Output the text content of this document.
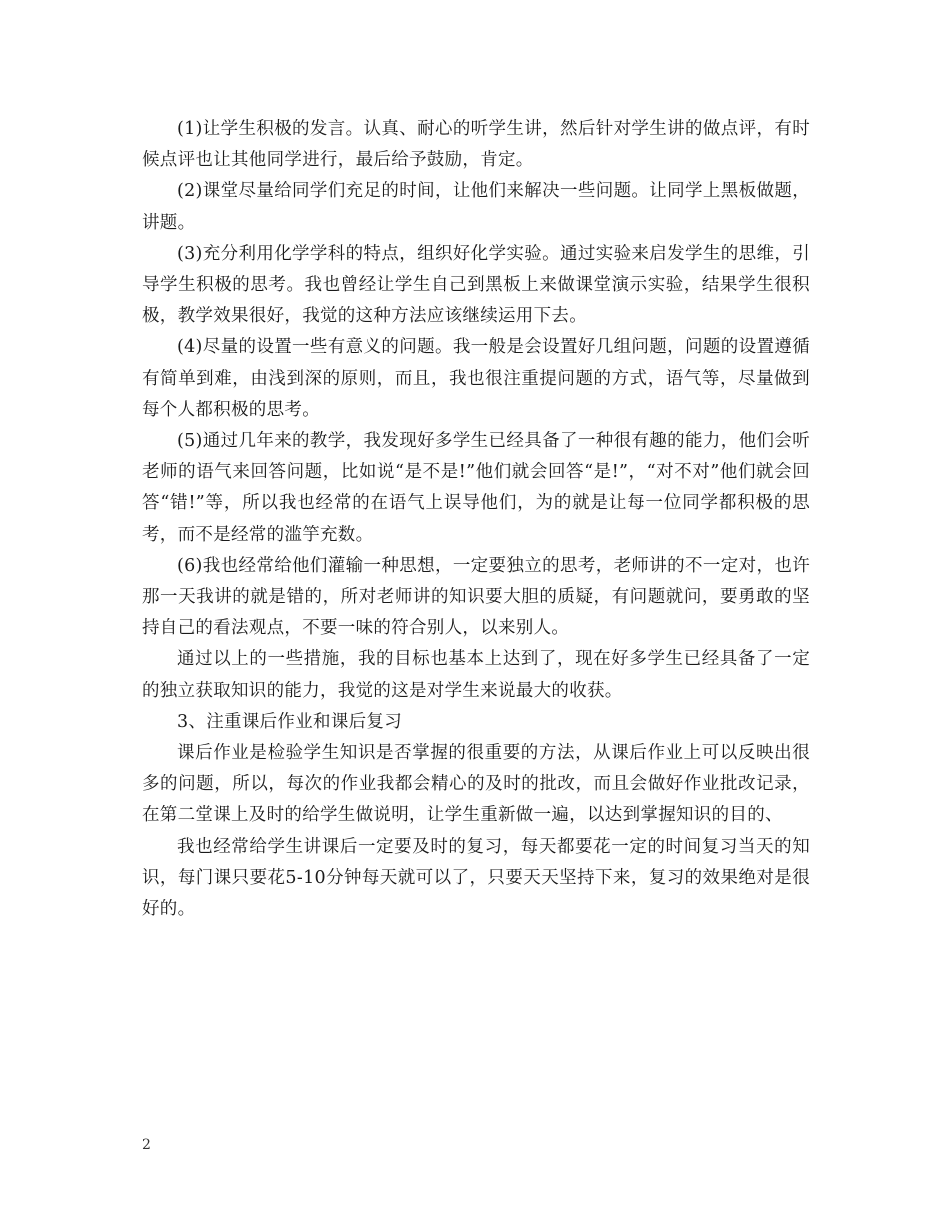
(1)让学生积极的发言。认真、耐心的听学生讲，然后针对学生讲的做点评，有时候点评也让其他同学进行，最后给予鼓励，肯定。

(2)课堂尽量给同学们充足的时间，让他们来解决一些问题。让同学上黑板做题，讲题。

(3)充分利用化学学科的特点，组织好化学实验。通过实验来启发学生的思维，引导学生积极的思考。我也曾经让学生自己到黑板上来做课堂演示实验，结果学生很积极，教学效果很好，我觉的这种方法应该继续运用下去。

(4)尽量的设置一些有意义的问题。我一般是会设置好几组问题，问题的设置遵循有简单到难，由浅到深的原则，而且，我也很注重提问题的方式，语气等，尽量做到每个人都积极的思考。

(5)通过几年来的教学，我发现好多学生已经具备了一种很有趣的能力，他们会听老师的语气来回答问题，比如说“是不是!”他们就会回答“是!”，“对不对”他们就会回答“错!”等，所以我也经常的在语气上误导他们，为的就是让每一位同学都积极的思考，而不是经常的滥竽充数。

(6)我也经常给他们灌输一种思想，一定要独立的思考，老师讲的不一定对，也许那一天我讲的就是错的，所对老师讲的知识要大胆的质疑，有问题就问，要勇敢的坚持自己的看法观点，不要一味的符合别人，以来别人。

通过以上的一些措施，我的目标也基本上达到了，现在好多学生已经具备了一定的独立获取知识的能力，我觉的这是对学生来说最大的收获。

3、注重课后作业和课后复习

课后作业是检验学生知识是否掌握的很重要的方法，从课后作业上可以反映出很多的问题，所以，每次的作业我都会精心的及时的批改，而且会做好作业批改记录，在第二堂课上及时的给学生做说明，让学生重新做一遍，以达到掌握知识的目的、

我也经常给学生讲课后一定要及时的复习，每天都要花一定的时间复习当天的知识，每门课只要花5-10分钟每天就可以了，只要天天坚持下来，复习的效果绝对是很好的。

2
